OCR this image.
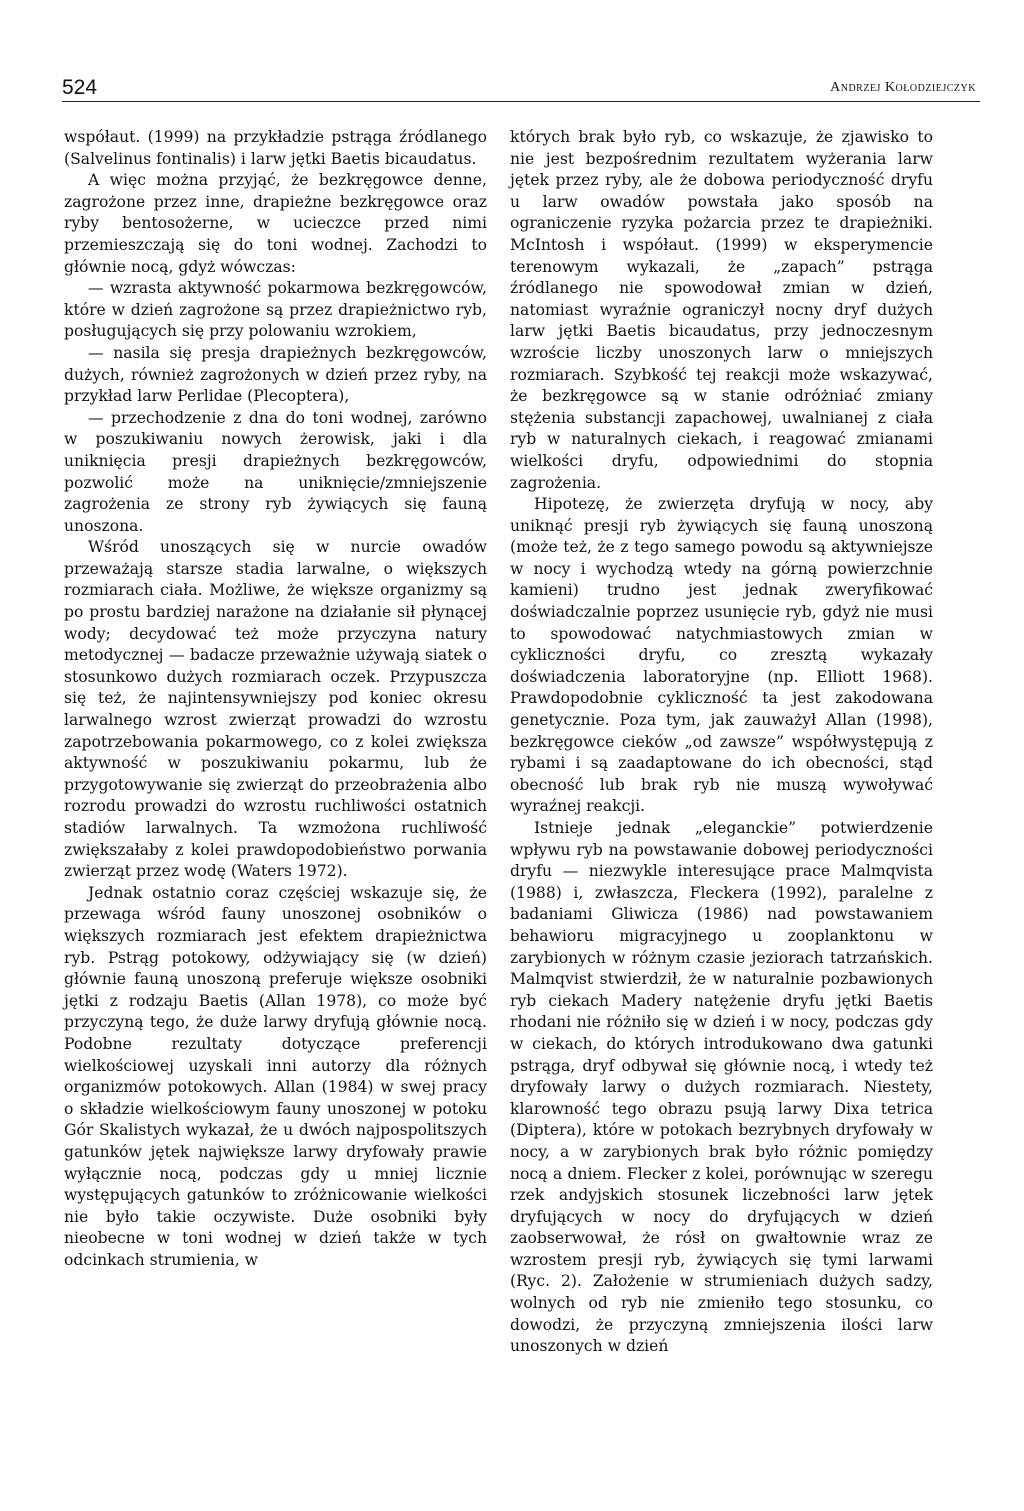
524	Andrzej Kołodziejczyk

współaut. (1999) na przykładzie pstrąga źródlanego (Salvelinus fontinalis) i larw jętki Baetis bicaudatus.

A więc można przyjąć, że bezkręgowce denne, zagrożone przez inne, drapieżne bezkręgowce oraz ryby bentosożerne, w ucieczce przed nimi przemieszczają się do toni wodnej. Zachodzi to głównie nocą, gdyż wówczas:

— wzrasta aktywność pokarmowa bezkręgowców, które w dzień zagrożone są przez drapieżnictwo ryb, posługujących się przy polowaniu wzrokiem,

— nasila się presja drapieżnych bezkręgowców, dużych, również zagrożonych w dzień przez ryby, na przykład larw Perlidae (Plecoptera),

— przechodzenie z dna do toni wodnej, zarówno w poszukiwaniu nowych żerowisk, jaki i dla uniknięcia presji drapieżnych bezkręgowców, pozwolić może na uniknięcie/zmniejszenie zagrożenia ze strony ryb żywiących się fauną unoszona.

Wśród unoszących się w nurcie owadów przeważają starsze stadia larwalne, o większych rozmiarach ciała. Możliwe, że większe organizmy są po prostu bardziej narażone na działanie sił płynącej wody; decydować też może przyczyna natury metodycznej — badacze przeważnie używają siatek o stosunkowo dużych rozmiarach oczek. Przypuszcza się też, że najintensywniejszy pod koniec okresu larwalnego wzrost zwierząt prowadzi do wzrostu zapotrzebowania pokarmowego, co z kolei zwiększa aktywność w poszukiwaniu pokarmu, lub że przygotowywanie się zwierząt do przeobrażenia albo rozrodu prowadzi do wzrostu ruchliwości ostatnich stadiów larwalnych. Ta wzmożona ruchliwość zwiększałaby z kolei prawdopodobieństwo porwania zwierząt przez wodę (Waters 1972).

Jednak ostatnio coraz częściej wskazuje się, że przewaga wśród fauny unoszonej osobników o większych rozmiarach jest efektem drapieżnictwa ryb. Pstrąg potokowy, odżywiający się (w dzień) głównie fauną unoszoną preferuje większe osobniki jętki z rodzaju Baetis (Allan 1978), co może być przyczyną tego, że duże larwy dryfują głównie nocą. Podobne rezultaty dotyczące preferencji wielkościowej uzyskali inni autorzy dla różnych organizmów potokowych. Allan (1984) w swej pracy o składzie wielkościowym fauny unoszonej w potoku Gór Skalistych wykazał, że u dwóch najpospolitszych gatunków jętek największe larwy dryfowały prawie wyłącznie nocą, podczas gdy u mniej licznie występujących gatunków to zróżnicowanie wielkości nie było takie oczywiste. Duże osobniki były nieobecne w toni wodnej w dzień także w tych odcinkach strumienia, w

których brak było ryb, co wskazuje, że zjawisko to nie jest bezpośrednim rezultatem wyżerania larw jętek przez ryby, ale że dobowa periodyczność dryfu u larw owadów powstała jako sposób na ograniczenie ryzyka pożarcia przez te drapieżniki. McIntosh i współaut. (1999) w eksperymencie terenowym wykazali, że „zapach” pstrąga źródlanego nie spowodował zmian w dzień, natomiast wyraźnie ograniczył nocny dryf dużych larw jętki Baetis bicaudatus, przy jednoczesnym wzroście liczby unoszonych larw o mniejszych rozmiarach. Szybkość tej reakcji może wskazywać, że bezkręgowce są w stanie odróżniać zmiany stężenia substancji zapachowej, uwalnianej z ciała ryb w naturalnych ciekach, i reagować zmianami wielkości dryfu, odpowiednimi do stopnia zagrożenia.

Hipotezę, że zwierzęta dryfują w nocy, aby uniknąć presji ryb żywiących się fauną unoszoną (może też, że z tego samego powodu są aktywniejsze w nocy i wychodzą wtedy na górną powierzchnie kamieni) trudno jest jednak zweryfikować doświadczalnie poprzez usunięcie ryb, gdyż nie musi to spowodować natychmiastowych zmian w cykliczności dryfu, co zresztą wykazały doświadczenia laboratoryjne (np. Elliott 1968). Prawdopodobnie cykliczność ta jest zakodowana genetycznie. Poza tym, jak zauważył Allan (1998), bezkręgowce cieków „od zawsze” współwystępują z rybami i są zaadaptowane do ich obecności, stąd obecność lub brak ryb nie muszą wywoływać wyraźnej reakcji.

Istnieje jednak „eleganckie” potwierdzenie wpływu ryb na powstawanie dobowej periodyczności dryfu — niezwykle interesujące prace Malmqvista (1988) i, zwłaszcza, Fleckera (1992), paralelne z badaniami Gliwicza (1986) nad powstawaniem behawioru migracyjnego u zooplanktonu w zarybionych w różnym czasie jeziorach tatrzańskich. Malmqvist stwierdził, że w naturalnie pozbawionych ryb ciekach Madery natężenie dryfu jętki Baetis rhodani nie różniło się w dzień i w nocy, podczas gdy w ciekach, do których introdukowano dwa gatunki pstrąga, dryf odbywał się głównie nocą, i wtedy też dryfowały larwy o dużych rozmiarach. Niestety, klarowność tego obrazu psują larwy Dixa tetrica (Diptera), które w potokach bezrybnych dryfowały w nocy, a w zarybionych brak było różnic pomiędzy nocą a dniem. Flecker z kolei, porównując w szeregu rzek andyjskich stosunek liczebności larw jętek dryfujących w nocy do dryfujących w dzień zaobserwował, że rósł on gwałtownie wraz ze wzrostem presji ryb, żywiących się tymi larwami (Ryc. 2). Założenie w strumieniach dużych sadzy, wolnych od ryb nie zmieniło tego stosunku, co dowodzi, że przyczyną zmniejszenia ilości larw unoszonych w dzień
